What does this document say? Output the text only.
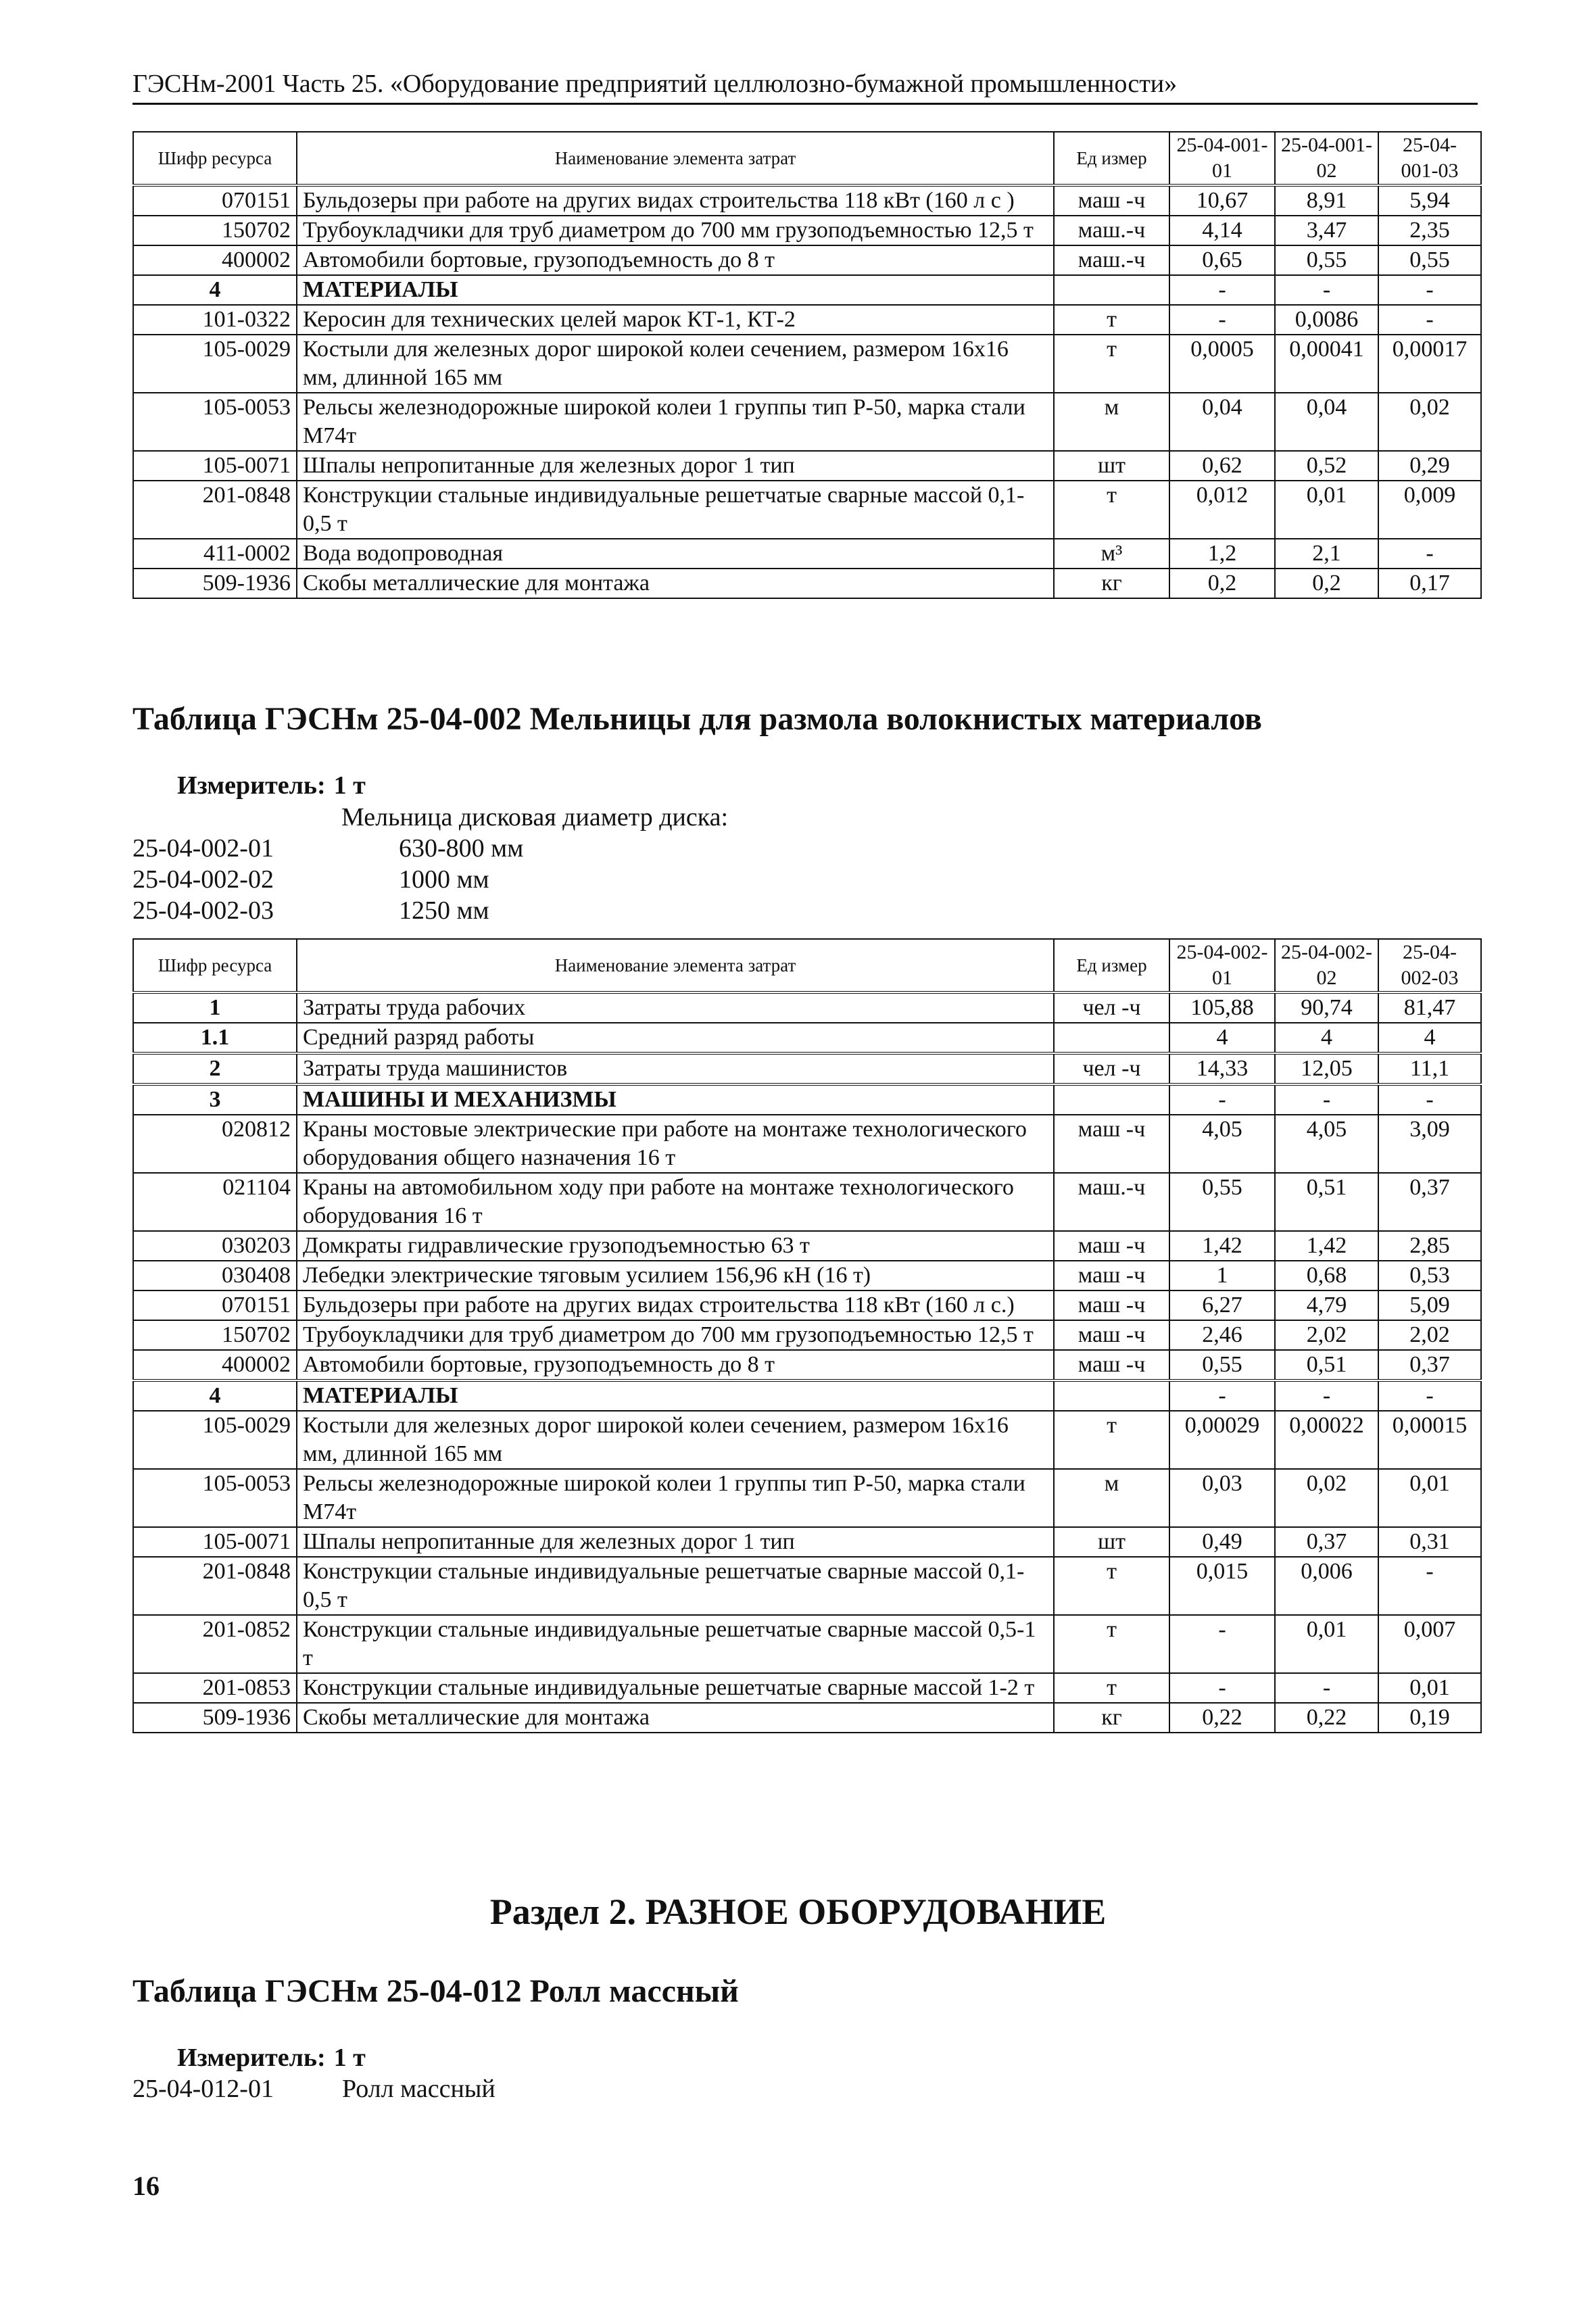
ГЭСНм-2001 Часть 25. «Оборудование предприятий целлюлозно-бумажной промышленности»
Шифр ресурса	Наименование элемента затрат	Ед измер	25-04-001-01	25-04-001-02	25-04-001-03
070151	Бульдозеры при работе на других видах строительства 118 кВт (160 л с )	маш -ч	10,67	8,91	5,94
150702	Трубоукладчики для труб диаметром до 700 мм грузоподъемностью 12,5 т	маш.-ч	4,14	3,47	2,35
400002	Автомобили бортовые, грузоподъемность до 8 т	маш.-ч	0,65	0,55	0,55
4	МАТЕРИАЛЫ		-	-	-
101-0322	Керосин для технических целей марок КТ-1, КТ-2	т	-	0,0086	-
105-0029	Костыли для железных дорог широкой колеи сечением, размером 16х16 мм, длинной 165 мм	т	0,0005	0,00041	0,00017
105-0053	Рельсы железнодорожные широкой колеи 1 группы тип Р-50, марка стали М74т	м	0,04	0,04	0,02
105-0071	Шпалы непропитанные для железных дорог 1 тип	шт	0,62	0,52	0,29
201-0848	Конструкции стальные индивидуальные решетчатые сварные массой 0,1-0,5 т	т	0,012	0,01	0,009
411-0002	Вода водопроводная	м³	1,2	2,1	-
509-1936	Скобы металлические для монтажа	кг	0,2	0,2	0,17
Таблица ГЭСНм 25-04-002 Мельницы для размола волокнистых материалов
Измеритель: 1 т
Мельница дисковая диаметр диска:
25-04-002-01	630-800 мм
25-04-002-02	1000 мм
25-04-002-03	1250 мм
Шифр ресурса	Наименование элемента затрат	Ед измер	25-04-002-01	25-04-002-02	25-04-002-03
1	Затраты труда рабочих	чел -ч	105,88	90,74	81,47
1.1	Средний разряд работы		4	4	4
2	Затраты труда машинистов	чел -ч	14,33	12,05	11,1
3	МАШИНЫ И МЕХАНИЗМЫ		-	-	-
020812	Краны мостовые электрические при работе на монтаже технологического оборудования общего назначения 16 т	маш -ч	4,05	4,05	3,09
021104	Краны на автомобильном ходу при работе на монтаже технологического оборудования 16 т	маш.-ч	0,55	0,51	0,37
030203	Домкраты гидравлические грузоподъемностью 63 т	маш -ч	1,42	1,42	2,85
030408	Лебедки электрические тяговым усилием 156,96 кН (16 т)	маш -ч	1	0,68	0,53
070151	Бульдозеры при работе на других видах строительства 118 кВт (160 л с.)	маш -ч	6,27	4,79	5,09
150702	Трубоукладчики для труб диаметром до 700 мм грузоподъемностью 12,5 т	маш -ч	2,46	2,02	2,02
400002	Автомобили бортовые, грузоподъемность до 8 т	маш -ч	0,55	0,51	0,37
4	МАТЕРИАЛЫ		-	-	-
105-0029	Костыли для железных дорог широкой колеи сечением, размером 16х16 мм, длинной 165 мм	т	0,00029	0,00022	0,00015
105-0053	Рельсы железнодорожные широкой колеи 1 группы тип Р-50, марка стали М74т	м	0,03	0,02	0,01
105-0071	Шпалы непропитанные для железных дорог 1 тип	шт	0,49	0,37	0,31
201-0848	Конструкции стальные индивидуальные решетчатые сварные массой 0,1-0,5 т	т	0,015	0,006	-
201-0852	Конструкции стальные индивидуальные решетчатые сварные массой 0,5-1 т	т	-	0,01	0,007
201-0853	Конструкции стальные индивидуальные решетчатые сварные массой 1-2 т	т	-	-	0,01
509-1936	Скобы металлические для монтажа	кг	0,22	0,22	0,19
Раздел 2. РАЗНОЕ ОБОРУДОВАНИЕ
Таблица ГЭСНм 25-04-012 Ролл массный
Измеритель: 1 т
25-04-012-01	Ролл массный
16
